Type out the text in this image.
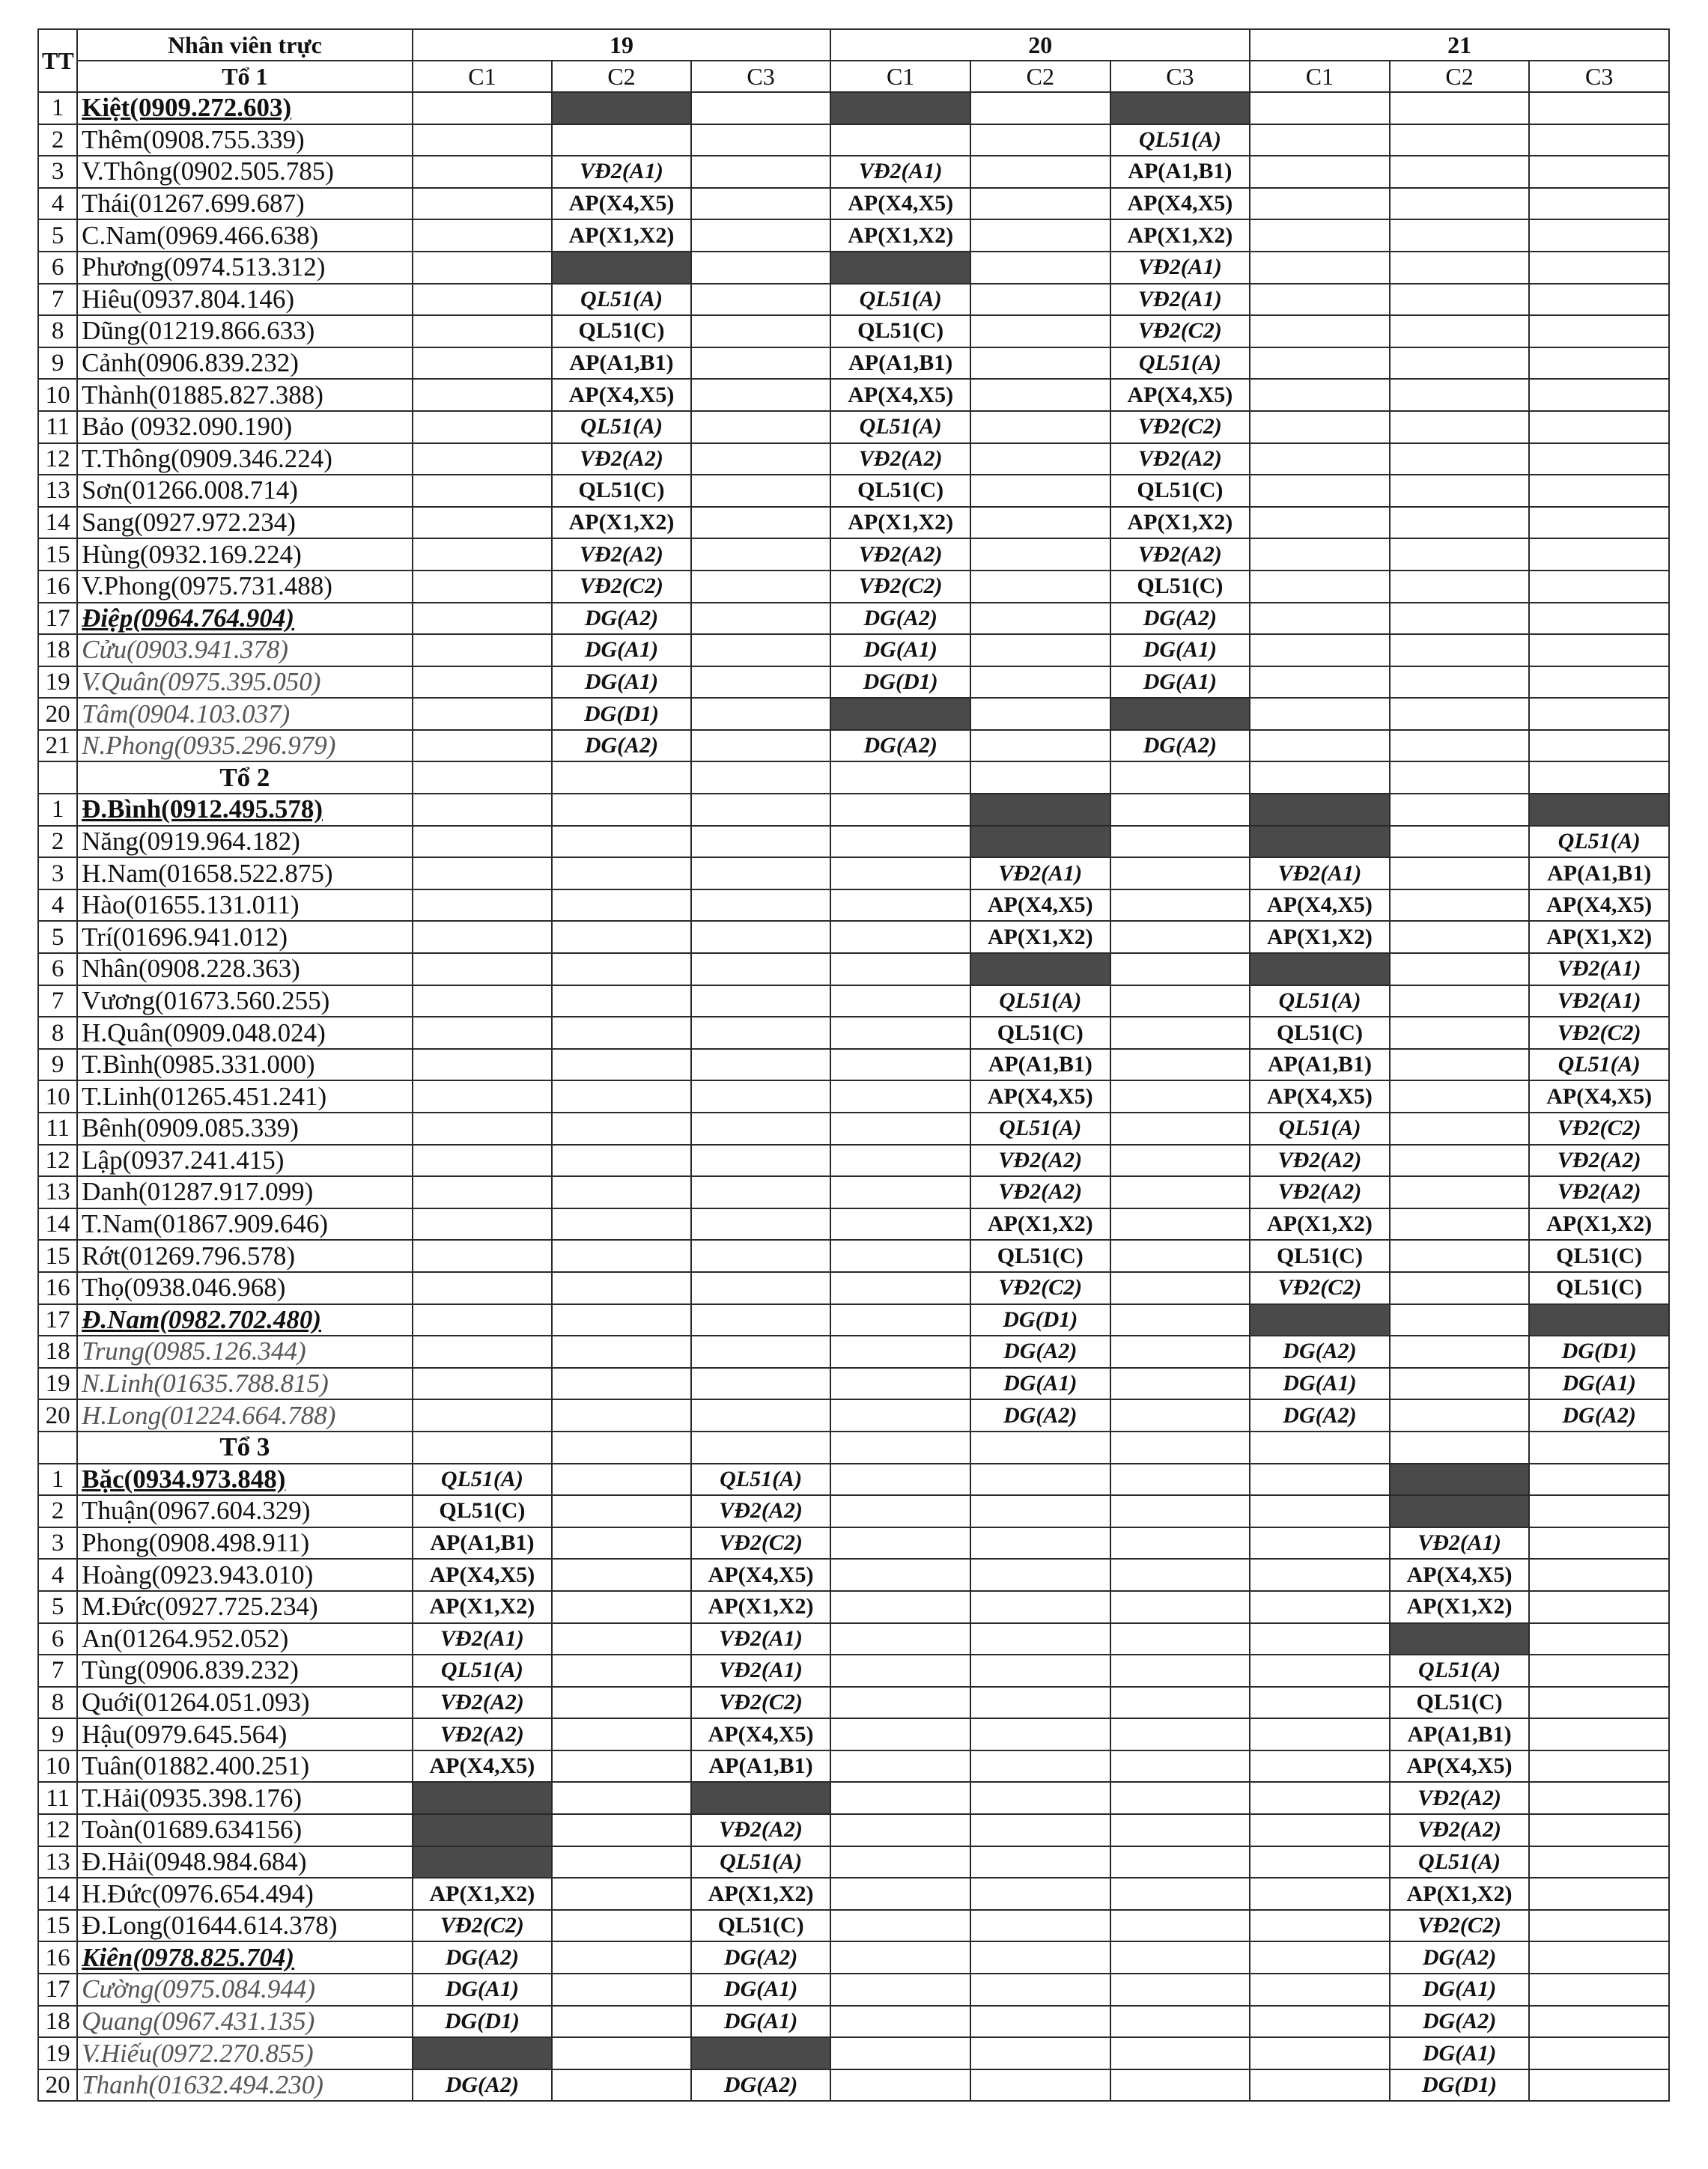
TT	Nhân viên trực	19			20			21		
	Tổ 1	C1	C2	C3	C1	C2	C3	C1	C2	C3
1	Kiệt(0909.272.603)									
2	Thêm(0908.755.339)						QL51(A)			
3	V.Thông(0902.505.785)		VĐ2(A1)		VĐ2(A1)		AP(A1,B1)			
4	Thái(01267.699.687)		AP(X4,X5)		AP(X4,X5)		AP(X4,X5)			
5	C.Nam(0969.466.638)		AP(X1,X2)		AP(X1,X2)		AP(X1,X2)			
6	Phương(0974.513.312)						VĐ2(A1)			
7	Hiêu(0937.804.146)		QL51(A)		QL51(A)		VĐ2(A1)			
8	Dũng(01219.866.633)		QL51(C)		QL51(C)		VĐ2(C2)			
9	Cảnh(0906.839.232)		AP(A1,B1)		AP(A1,B1)		QL51(A)			
10	Thành(01885.827.388)		AP(X4,X5)		AP(X4,X5)		AP(X4,X5)			
11	Bảo (0932.090.190)		QL51(A)		QL51(A)		VĐ2(C2)			
12	T.Thông(0909.346.224)		VĐ2(A2)		VĐ2(A2)		VĐ2(A2)			
13	Sơn(01266.008.714)		QL51(C)		QL51(C)		QL51(C)			
14	Sang(0927.972.234)		AP(X1,X2)		AP(X1,X2)		AP(X1,X2)			
15	Hùng(0932.169.224)		VĐ2(A2)		VĐ2(A2)		VĐ2(A2)			
16	V.Phong(0975.731.488)		VĐ2(C2)		VĐ2(C2)		QL51(C)			
17	Điệp(0964.764.904)		DG(A2)		DG(A2)		DG(A2)			
18	Cửu(0903.941.378)		DG(A1)		DG(A1)		DG(A1)			
19	V.Quân(0975.395.050)		DG(A1)		DG(D1)		DG(A1)			
20	Tâm(0904.103.037)		DG(D1)							
21	N.Phong(0935.296.979)		DG(A2)		DG(A2)		DG(A2)			
	Tổ 2									
1	Đ.Bình(0912.495.578)									
2	Năng(0919.964.182)									QL51(A)
3	H.Nam(01658.522.875)					VĐ2(A1)		VĐ2(A1)		AP(A1,B1)
4	Hào(01655.131.011)					AP(X4,X5)		AP(X4,X5)		AP(X4,X5)
5	Trí(01696.941.012)					AP(X1,X2)		AP(X1,X2)		AP(X1,X2)
6	Nhân(0908.228.363)									VĐ2(A1)
7	Vương(01673.560.255)					QL51(A)		QL51(A)		VĐ2(A1)
8	H.Quân(0909.048.024)					QL51(C)		QL51(C)		VĐ2(C2)
9	T.Bình(0985.331.000)					AP(A1,B1)		AP(A1,B1)		QL51(A)
10	T.Linh(01265.451.241)					AP(X4,X5)		AP(X4,X5)		AP(X4,X5)
11	Bênh(0909.085.339)					QL51(A)		QL51(A)		VĐ2(C2)
12	Lập(0937.241.415)					VĐ2(A2)		VĐ2(A2)		VĐ2(A2)
13	Danh(01287.917.099)					VĐ2(A2)		VĐ2(A2)		VĐ2(A2)
14	T.Nam(01867.909.646)					AP(X1,X2)		AP(X1,X2)		AP(X1,X2)
15	Rớt(01269.796.578)					QL51(C)		QL51(C)		QL51(C)
16	Thọ(0938.046.968)					VĐ2(C2)		VĐ2(C2)		QL51(C)
17	Đ.Nam(0982.702.480)					DG(D1)				
18	Trung(0985.126.344)					DG(A2)		DG(A2)		DG(D1)
19	N.Linh(01635.788.815)					DG(A1)		DG(A1)		DG(A1)
20	H.Long(01224.664.788)					DG(A2)		DG(A2)		DG(A2)
	Tổ 3									
1	Bặc(0934.973.848)	QL51(A)		QL51(A)						
2	Thuận(0967.604.329)	QL51(C)		VĐ2(A2)						
3	Phong(0908.498.911)	AP(A1,B1)		VĐ2(C2)					VĐ2(A1)	
4	Hoàng(0923.943.010)	AP(X4,X5)		AP(X4,X5)					AP(X4,X5)	
5	M.Đức(0927.725.234)	AP(X1,X2)		AP(X1,X2)					AP(X1,X2)	
6	An(01264.952.052)	VĐ2(A1)		VĐ2(A1)						
7	Tùng(0906.839.232)	QL51(A)		VĐ2(A1)					QL51(A)	
8	Quới(01264.051.093)	VĐ2(A2)		VĐ2(C2)					QL51(C)	
9	Hậu(0979.645.564)	VĐ2(A2)		AP(X4,X5)					AP(A1,B1)	
10	Tuân(01882.400.251)	AP(X4,X5)		AP(A1,B1)					AP(X4,X5)	
11	T.Hải(0935.398.176)								VĐ2(A2)	
12	Toàn(01689.634156)			VĐ2(A2)					VĐ2(A2)	
13	Đ.Hải(0948.984.684)			QL51(A)					QL51(A)	
14	H.Đức(0976.654.494)	AP(X1,X2)		AP(X1,X2)					AP(X1,X2)	
15	Đ.Long(01644.614.378)	VĐ2(C2)		QL51(C)					VĐ2(C2)	
16	Kiên(0978.825.704)	DG(A2)		DG(A2)					DG(A2)	
17	Cường(0975.084.944)	DG(A1)		DG(A1)					DG(A1)	
18	Quang(0967.431.135)	DG(D1)		DG(A1)					DG(A2)	
19	V.Hiếu(0972.270.855)								DG(A1)	
20	Thanh(01632.494.230)	DG(A2)		DG(A2)					DG(D1)	
